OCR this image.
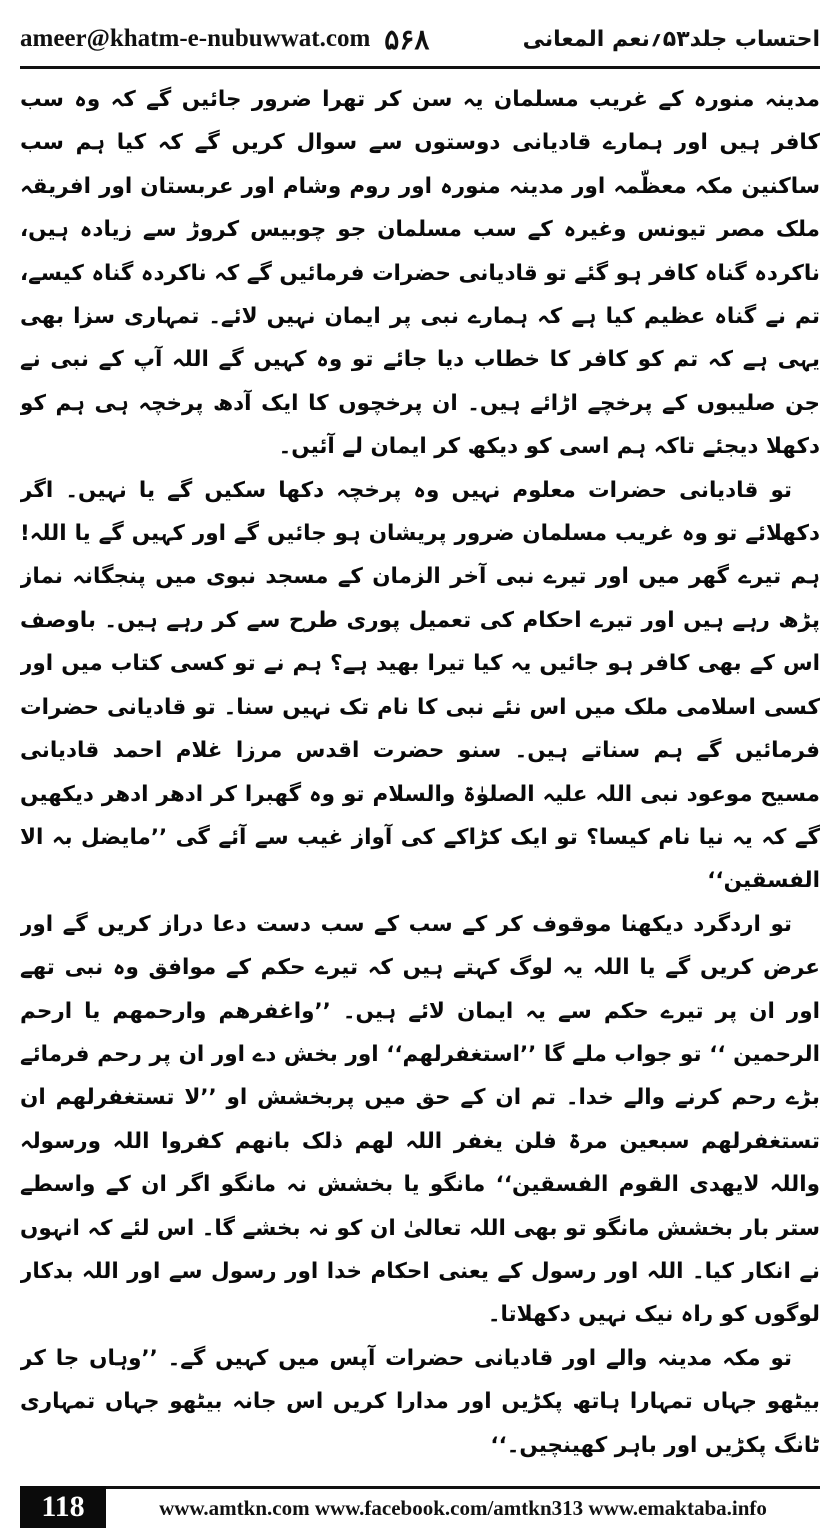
ameer@khatm-e-nubuwwat.com ۵۶۸	احتساب جلد۵۳؍نعم المعانی

مدینہ منورہ کے غریب مسلمان یہ سن کر تھرا ضرور جائیں گے کہ وہ سب کافر ہیں اور ہمارے قادیانی دوستوں سے سوال کریں گے کہ کیا ہم سب ساکنین مکہ معظّمہ اور مدینہ منورہ اور روم وشام اور عربستان اور افریقہ ملک مصر تیونس وغیرہ کے سب مسلمان جو چوبیس کروڑ سے زیادہ ہیں، ناکردہ گناہ کافر ہو گئے تو قادیانی حضرات فرمائیں گے کہ ناکردہ گناہ کیسے، تم نے گناہ عظیم کیا ہے کہ ہمارے نبی پر ایمان نہیں لائے۔ تمہاری سزا بھی یہی ہے کہ تم کو کافر کا خطاب دیا جائے تو وہ کہیں گے اللہ آپ کے نبی نے جن صلیبوں کے پرخچے اڑائے ہیں۔ ان پرخچوں کا ایک آدھ پرخچہ ہی ہم کو دکھلا دیجئے تاکہ ہم اسی کو دیکھ کر ایمان لے آئیں۔

تو قادیانی حضرات معلوم نہیں وہ پرخچہ دکھا سکیں گے یا نہیں۔ اگر دکھلائے تو وہ غریب مسلمان ضرور پریشان ہو جائیں گے اور کہیں گے یا اللہ! ہم تیرے گھر میں اور تیرے نبی آخر الزمان کے مسجد نبوی میں پنجگانہ نماز پڑھ رہے ہیں اور تیرے احکام کی تعمیل پوری طرح سے کر رہے ہیں۔ باوصف اس کے بھی کافر ہو جائیں یہ کیا تیرا بھید ہے؟ ہم نے تو کسی کتاب میں اور کسی اسلامی ملک میں اس نئے نبی کا نام تک نہیں سنا۔ تو قادیانی حضرات فرمائیں گے ہم سناتے ہیں۔ سنو حضرت اقدس مرزا غلام احمد قادیانی مسیح موعود نبی اللہ علیہ الصلوٰۃ والسلام تو وہ گھبرا کر ادھر ادھر دیکھیں گے کہ یہ نیا نام کیسا؟ تو ایک کڑاکے کی آواز غیب سے آئے گی ’’مایضل بہ الا الفسقین‘‘

تو اردگرد دیکھنا موقوف کر کے سب کے سب دست دعا دراز کریں گے اور عرض کریں گے یا اللہ یہ لوگ کہتے ہیں کہ تیرے حکم کے موافق وہ نبی تھے اور ان پر تیرے حکم سے یہ ایمان لائے ہیں۔ ’’واغفرھم وارحمھم یا ارحم الرحمین ‘‘ تو جواب ملے گا ’’استغفرلھم‘‘ اور بخش دے اور ان پر رحم فرمائے بڑے رحم کرنے والے خدا۔ تم ان کے حق میں پربخشش او ’’لا تستغفرلھم ان تستغفرلھم سبعین مرۃ فلن یغفر اللہ لھم ذلک بانھم کفروا اللہ ورسولہ واللہ لایھدی القوم الفسقین‘‘ مانگو یا بخشش نہ مانگو اگر ان کے واسطے ستر بار بخشش مانگو تو بھی اللہ تعالیٰ ان کو نہ بخشے گا۔ اس لئے کہ انہوں نے انکار کیا۔ اللہ اور رسول کے یعنی احکام خدا اور رسول سے اور اللہ بدکار لوگوں کو راہ نیک نہیں دکھلاتا۔

تو مکہ مدینہ والے اور قادیانی حضرات آپس میں کہیں گے۔ ’’وہاں جا کر بیٹھو جہاں تمہارا ہاتھ پکڑیں اور مدارا کریں اس جانہ بیٹھو جہاں تمہاری ٹانگ پکڑیں اور باہر کھینچیں۔‘‘

118	www.amtkn.com www.facebook.com/amtkn313 www.emaktaba.info
